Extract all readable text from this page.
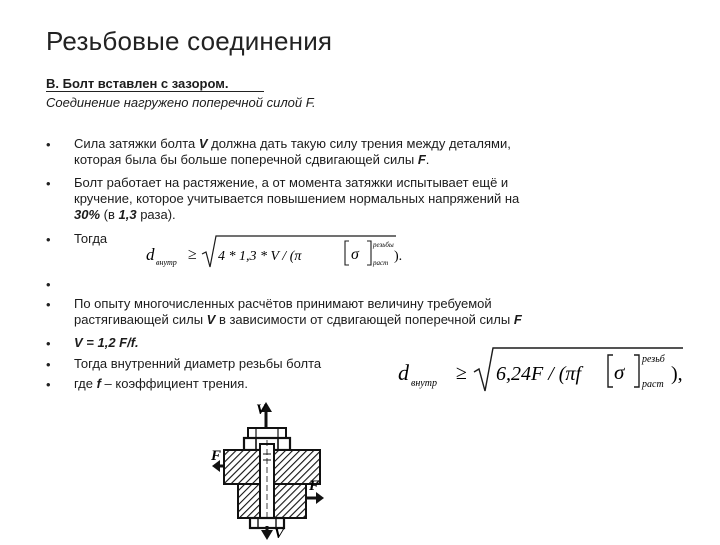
Резьбовые соединения
В. Болт вставлен с зазором.
Соединение нагружено поперечной силой F.
• Сила затяжки болта V должна дать такую силу трения между деталями,
которая была бы больше поперечной сдвигающей силы F.
• Болт работает на растяжение, а от момента затяжки испытывает ещё и
кручение, которое учитывается повышением нормальных напряжений на
30% (в 1,3 раза).
• Тогда
d внутр ≥ 4 * 1,3 * V / (π	σ
резьбы
раст ).
•
• По опыту многочисленных расчётов принимают величину требуемой
растягивающей силы V в зависимости от сдвигающей поперечной силы F
• V = 1,2 F/f.
• Тогда внутренний диаметр резьбы болта
• где f – коэффициент трения.	d внутр ≥ 6,24F / (πf σ
резьб
раст ),
V
V
F
F
